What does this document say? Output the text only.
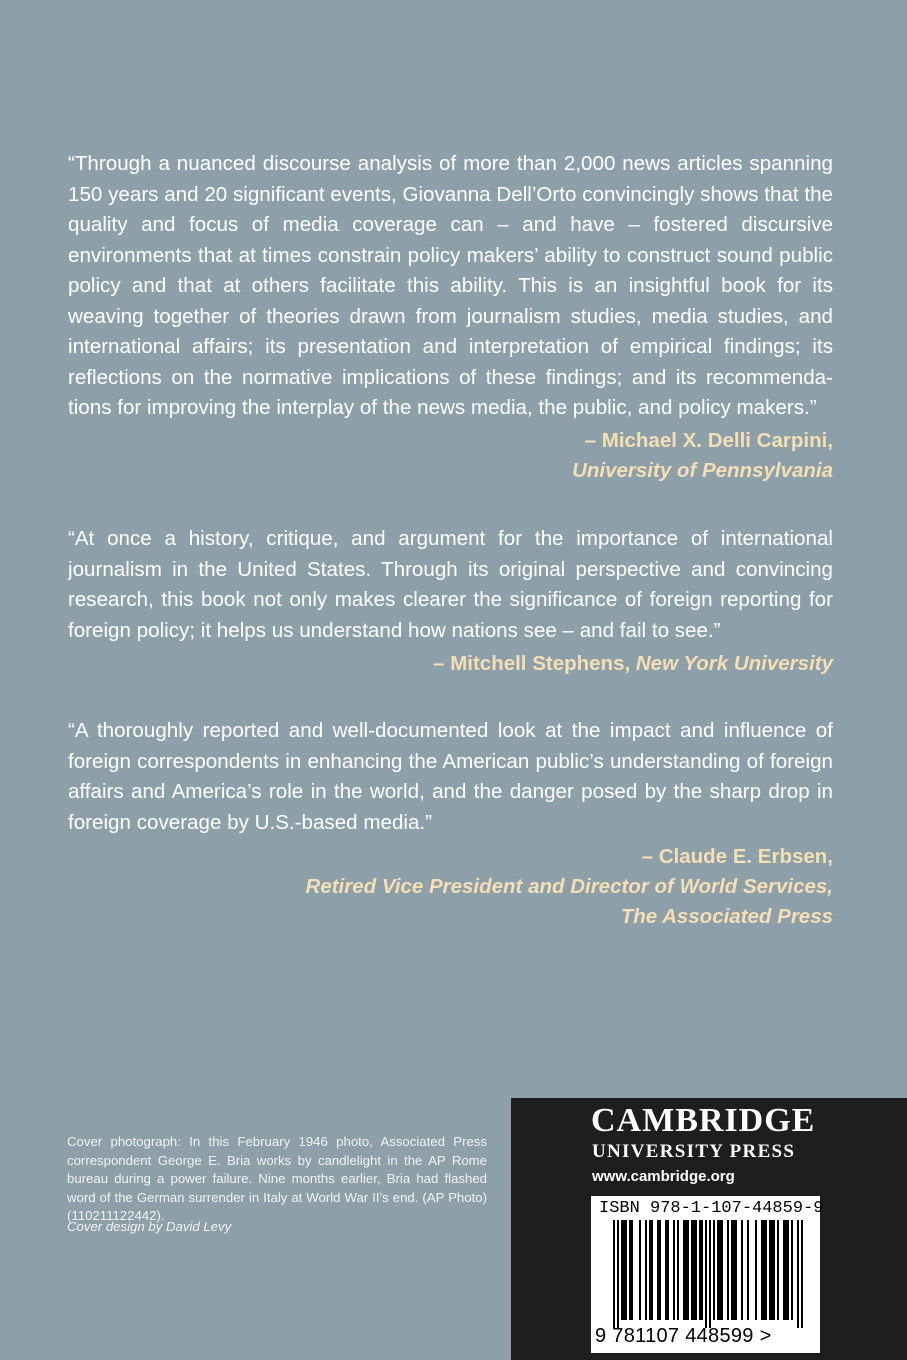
“Through a nuanced discourse analysis of more than 2,000 news articles spanning 150 years and 20 significant events, Giovanna Dell’Orto convincingly shows that the quality and focus of media coverage can – and have – fostered discursive environments that at times constrain policy makers’ ability to construct sound public policy and that at others facilitate this ability. This is an insightful book for its weaving together of theories drawn from journalism studies, media studies, and international affairs; its presentation and interpretation of empirical findings; its reflections on the normative implications of these findings; and its recommenda-tions for improving the interplay of the news media, the public, and policy makers.”

– Michael X. Delli Carpini,
University of Pennsylvania

“At once a history, critique, and argument for the importance of international journalism in the United States. Through its original perspective and convincing research, this book not only makes clearer the significance of foreign reporting for foreign policy; it helps us understand how nations see – and fail to see.”

– Mitchell Stephens, New York University

“A thoroughly reported and well-documented look at the impact and influence of foreign correspondents in enhancing the American public’s understanding of foreign affairs and America’s role in the world, and the danger posed by the sharp drop in foreign coverage by U.S.-based media.”

– Claude E. Erbsen,
Retired Vice President and Director of World Services,
The Associated Press

Cover photograph: In this February 1946 photo, Associated Press correspondent George E. Bria works by candlelight in the AP Rome bureau during a power failure. Nine months earlier, Bria had flashed word of the German surrender in Italy at World War II’s end. (AP Photo) (110211122442).

Cover design by David Levy

CAMBRIDGE

UNIVERSITY PRESS

www.cambridge.org

ISBN 978-1-107-44859-9

9 781107 448599 >
